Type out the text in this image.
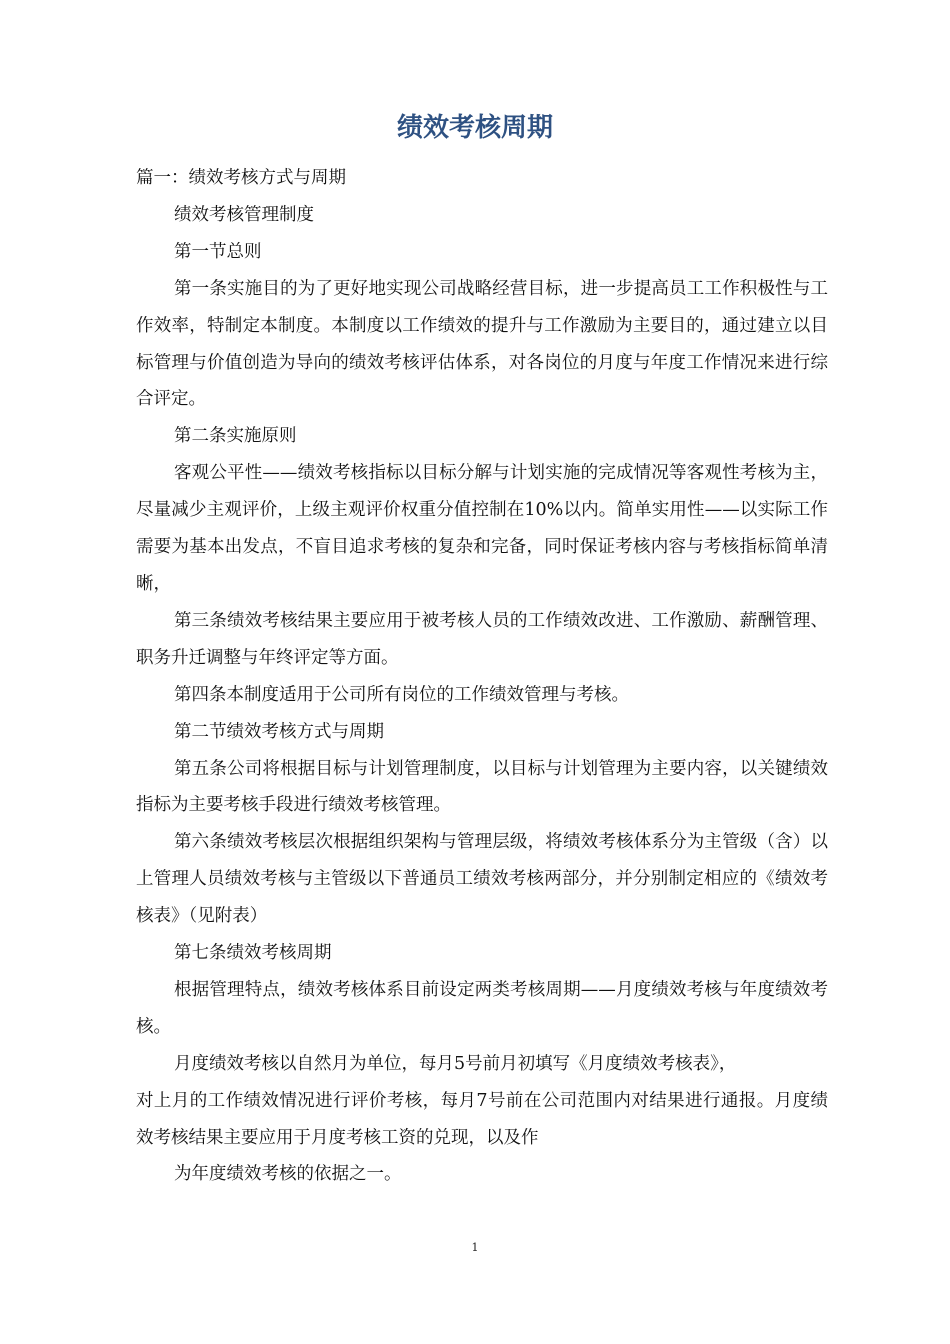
绩效考核周期

篇一：绩效考核方式与周期

绩效考核管理制度

第一节总则

第一条实施目的为了更好地实现公司战略经营目标，进一步提高员工工作积极性与工作效率，特制定本制度。本制度以工作绩效的提升与工作激励为主要目的，通过建立以目标管理与价值创造为导向的绩效考核评估体系，对各岗位的月度与年度工作情况来进行综合评定。

第二条实施原则

客观公平性——绩效考核指标以目标分解与计划实施的完成情况等客观性考核为主，尽量减少主观评价，上级主观评价权重分值控制在10%以内。简单实用性——以实际工作需要为基本出发点，不盲目追求考核的复杂和完备，同时保证考核内容与考核指标简单清晰，

第三条绩效考核结果主要应用于被考核人员的工作绩效改进、工作激励、薪酬管理、职务升迁调整与年终评定等方面。

第四条本制度适用于公司所有岗位的工作绩效管理与考核。

第二节绩效考核方式与周期

第五条公司将根据目标与计划管理制度，以目标与计划管理为主要内容，以关键绩效指标为主要考核手段进行绩效考核管理。

第六条绩效考核层次根据组织架构与管理层级，将绩效考核体系分为主管级（含）以上管理人员绩效考核与主管级以下普通员工绩效考核两部分，并分别制定相应的《绩效考核表》（见附表）

第七条绩效考核周期

根据管理特点，绩效考核体系目前设定两类考核周期——月度绩效考核与年度绩效考核。

月度绩效考核以自然月为单位，每月5号前月初填写《月度绩效考核表》，

对上月的工作绩效情况进行评价考核，每月7号前在公司范围内对结果进行通报。月度绩效考核结果主要应用于月度考核工资的兑现，以及作

为年度绩效考核的依据之一。

1
